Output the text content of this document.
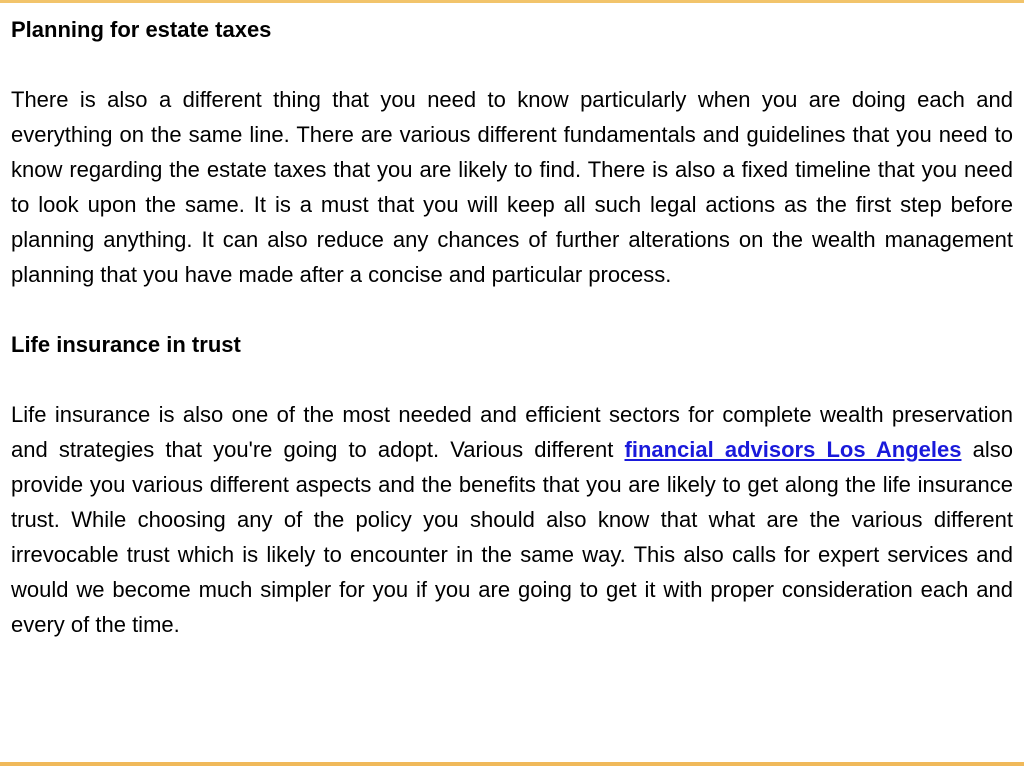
Planning for estate taxes

There is also a different thing that you need to know particularly when you are doing each and everything on the same line. There are various different fundamentals and guidelines that you need to know regarding the estate taxes that you are likely to find. There is also a fixed timeline that you need to look upon the same. It is a must that you will keep all such legal actions as the first step before planning anything. It can also reduce any chances of further alterations on the wealth management planning that you have made after a concise and particular process.

Life insurance in trust

Life insurance is also one of the most needed and efficient sectors for complete wealth preservation and strategies that you're going to adopt. Various different financial advisors Los Angeles also provide you various different aspects and the benefits that you are likely to get along the life insurance trust. While choosing any of the policy you should also know that what are the various different irrevocable trust which is likely to encounter in the same way. This also calls for expert services and would we become much simpler for you if you are going to get it with proper consideration each and every of the time.
